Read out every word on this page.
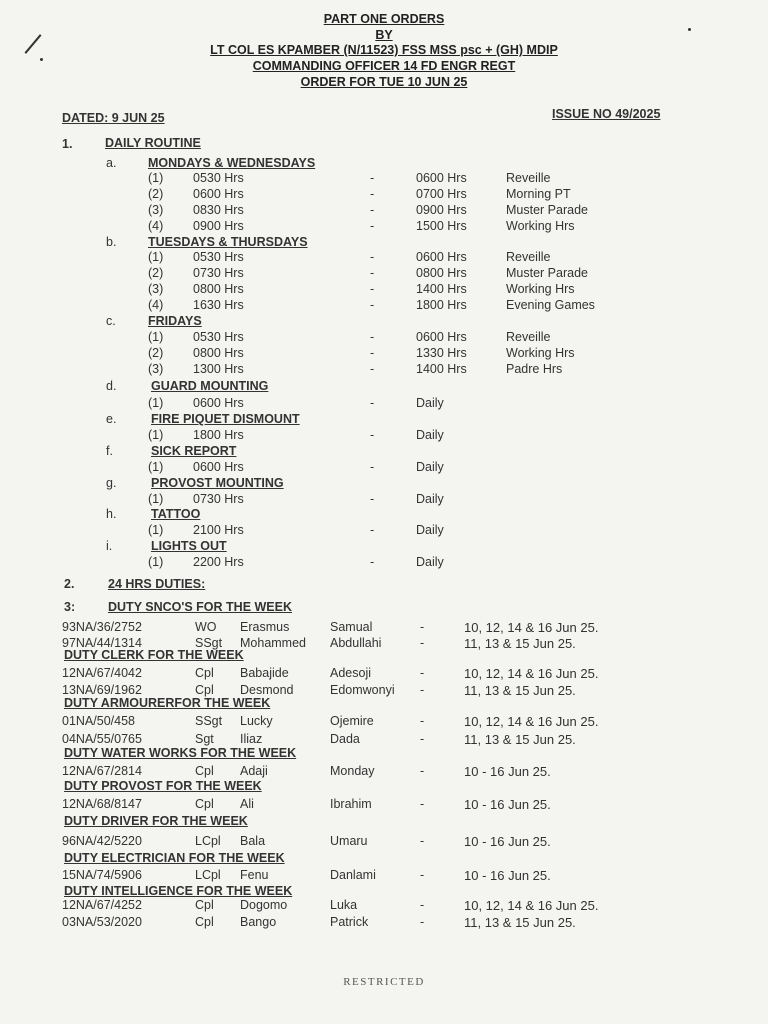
PART ONE ORDERS
BY
LT COL ES KPAMBER (N/11523) FSS MSS psc + (GH) MDIP
COMMANDING OFFICER 14 FD ENGR REGT
ORDER FOR TUE 10 JUN 25
DATED: 9 JUN 25	ISSUE NO 49/2025
1.	DAILY ROUTINE
a.	MONDAYS & WEDNESDAYS
(1) 0530 Hrs	-	0600 Hrs	Reveille
(2) 0600 Hrs	-	0700 Hrs	Morning PT
(3) 0830 Hrs	-	0900 Hrs	Muster Parade
(4) 0900 Hrs	-	1500 Hrs	Working Hrs
b.	TUESDAYS & THURSDAYS
(1) 0530 Hrs	-	0600 Hrs	Reveille
(2) 0730 Hrs	-	0800 Hrs	Muster Parade
(3) 0800 Hrs	-	1400 Hrs	Working Hrs
(4) 1630 Hrs	-	1800 Hrs	Evening Games
c.	FRIDAYS
(1) 0530 Hrs	-	0600 Hrs	Reveille
(2) 0800 Hrs	-	1330 Hrs	Working Hrs
(3) 1300 Hrs	-	1400 Hrs	Padre Hrs
d.	GUARD MOUNTING
(1) 0600 Hrs	-	Daily
e.	FIRE PIQUET DISMOUNT
(1) 1800 Hrs	-	Daily
f.	SICK REPORT
(1) 0600 Hrs	-	Daily
g.	PROVOST MOUNTING
(1) 0730 Hrs	-	Daily
h.	TATTOO
(1) 2100 Hrs	-	Daily
i.	LIGHTS OUT
(1) 2200 Hrs	-	Daily
2.	24 HRS DUTIES:
3:	DUTY SNCO'S FOR THE WEEK
93NA/36/2752	WO Erasmus	Samual	-	10, 12, 14 & 16 Jun 25.
97NA/44/1314	SSgt Mohammed Abdullahi	-	11, 13 & 15 Jun 25.
DUTY CLERK FOR THE WEEK
12NA/67/4042	Cpl Babajide	Adesoji	-	10, 12, 14 & 16 Jun 25.
13NA/69/1962	Cpl Desmond	Edomwonyi -	11, 13 & 15 Jun 25.
DUTY ARMOURERFOR THE WEEK
01NA/50/458	SSgt Lucky	Ojemire	-	10, 12, 14 & 16 Jun 25.
04NA/55/0765	Sgt Iliaz	Dada	-	11, 13 & 15 Jun 25.
DUTY WATER WORKS FOR THE WEEK
12NA/67/2814	Cpl Adaji	Monday	-	10 - 16 Jun 25.
DUTY PROVOST FOR THE WEEK
12NA/68/8147	Cpl Ali	Ibrahim	-	10 - 16 Jun 25.
DUTY DRIVER FOR THE WEEK
96NA/42/5220	LCpl Bala	Umaru	-	10 - 16 Jun 25.
DUTY ELECTRICIAN FOR THE WEEK
15NA/74/5906	LCpl Fenu	Danlami	-	10 - 16 Jun 25.
DUTY INTELLIGENCE FOR THE WEEK
12NA/67/4252	Cpl Dogomo	Luka	-	10, 12, 14 & 16 Jun 25.
03NA/53/2020	Cpl Bango	Patrick	-	11, 13 & 15 Jun 25.
RESTRICTED
